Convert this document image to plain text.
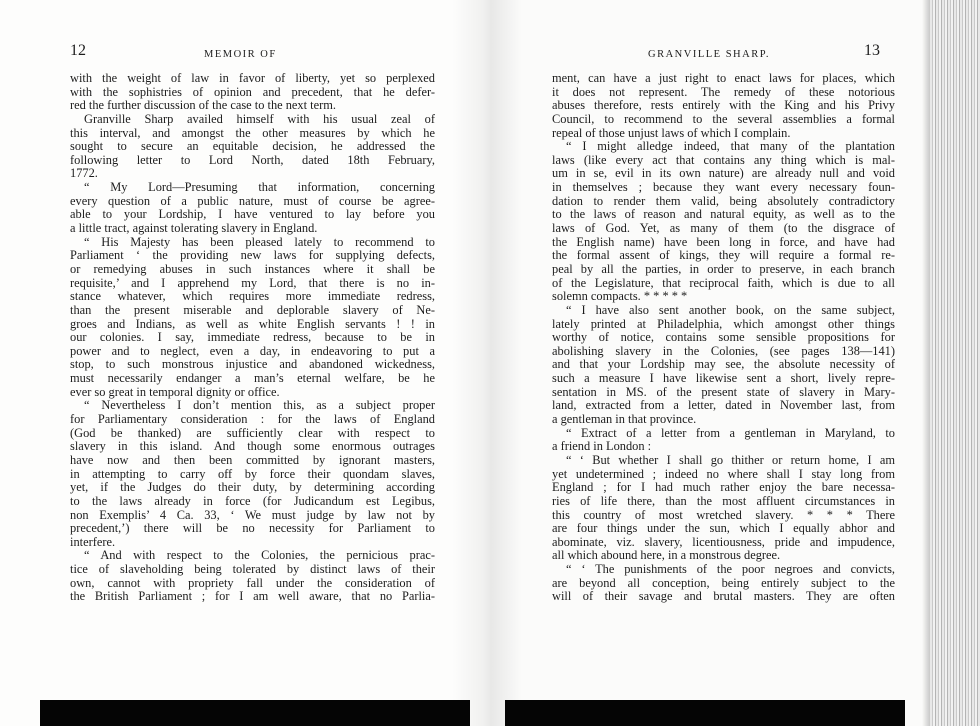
12	MEMOIR OF	GRANVILLE SHARP.	13
with the weight of law in favor of liberty, yet so perplexed
with the sophistries of opinion and precedent, that he defer-
red the further discussion of the case to the next term.
Granville Sharp availed himself with his usual zeal of
this interval, and amongst the other measures by which he
sought to secure an equitable decision, he addressed the
following letter to Lord North, dated 18th February,
1772.
“ My Lord—Presuming that information, concerning
every question of a public nature, must of course be agree-
able to your Lordship, I have ventured to lay before you
a little tract, against tolerating slavery in England.
“ His Majesty has been pleased lately to recommend to
Parliament ‘ the providing new laws for supplying defects,
or remedying abuses in such instances where it shall be
requisite,’ and I apprehend my Lord, that there is no in-
stance whatever, which requires more immediate redress,
than the present miserable and deplorable slavery of Ne-
groes and Indians, as well as white English servants ! ! in
our colonies. I say, immediate redress, because to be in
power and to neglect, even a day, in endeavoring to put a
stop, to such monstrous injustice and abandoned wickedness,
must necessarily endanger a man’s eternal welfare, be he
ever so great in temporal dignity or office.
“ Nevertheless I don’t mention this, as a subject proper
for Parliamentary consideration : for the laws of England
(God be thanked) are sufficiently clear with respect to
slavery in this island. And though some enormous outrages
have now and then been committed by ignorant masters,
in attempting to carry off by force their quondam slaves,
yet, if the Judges do their duty, by determining according
to the laws already in force (for Judicandum est Legibus,
non Exemplis’ 4 Ca. 33, ‘ We must judge by law not by
precedent,’) there will be no necessity for Parliament to
interfere.
“ And with respect to the Colonies, the pernicious prac-
tice of slaveholding being tolerated by distinct laws of their
own, cannot with propriety fall under the consideration of
the British Parliament ; for I am well aware, that no Parlia-
ment, can have a just right to enact laws for places, which
it does not represent. The remedy of these notorious
abuses therefore, rests entirely with the King and his Privy
Council, to recommend to the several assemblies a formal
repeal of those unjust laws of which I complain.
“ I might alledge indeed, that many of the plantation
laws (like every act that contains any thing which is mal-
um in se, evil in its own nature) are already null and void
in themselves ; because they want every necessary foun-
dation to render them valid, being absolutely contradictory
to the laws of reason and natural equity, as well as to the
laws of God. Yet, as many of them (to the disgrace of
the English name) have been long in force, and have had
the formal assent of kings, they will require a formal re-
peal by all the parties, in order to preserve, in each branch
of the Legislature, that reciprocal faith, which is due to all
solemn compacts. * * * * *
“ I have also sent another book, on the same subject,
lately printed at Philadelphia, which amongst other things
worthy of notice, contains some sensible propositions for
abolishing slavery in the Colonies, (see pages 138—141)
and that your Lordship may see, the absolute necessity of
such a measure I have likewise sent a short, lively repre-
sentation in MS. of the present state of slavery in Mary-
land, extracted from a letter, dated in November last, from
a gentleman in that province.
“ Extract of a letter from a gentleman in Maryland, to
a friend in London :
“ ‘ But whether I shall go thither or return home, I am
yet undetermined ; indeed no where shall I stay long from
England ; for I had much rather enjoy the bare necessa-
ries of life there, than the most affluent circumstances in
this country of most wretched slavery. * * * There
are four things under the sun, which I equally abhor and
abominate, viz. slavery, licentiousness, pride and impudence,
all which abound here, in a monstrous degree.
“ ‘ The punishments of the poor negroes and convicts,
are beyond all conception, being entirely subject to the
will of their savage and brutal masters. They are often
